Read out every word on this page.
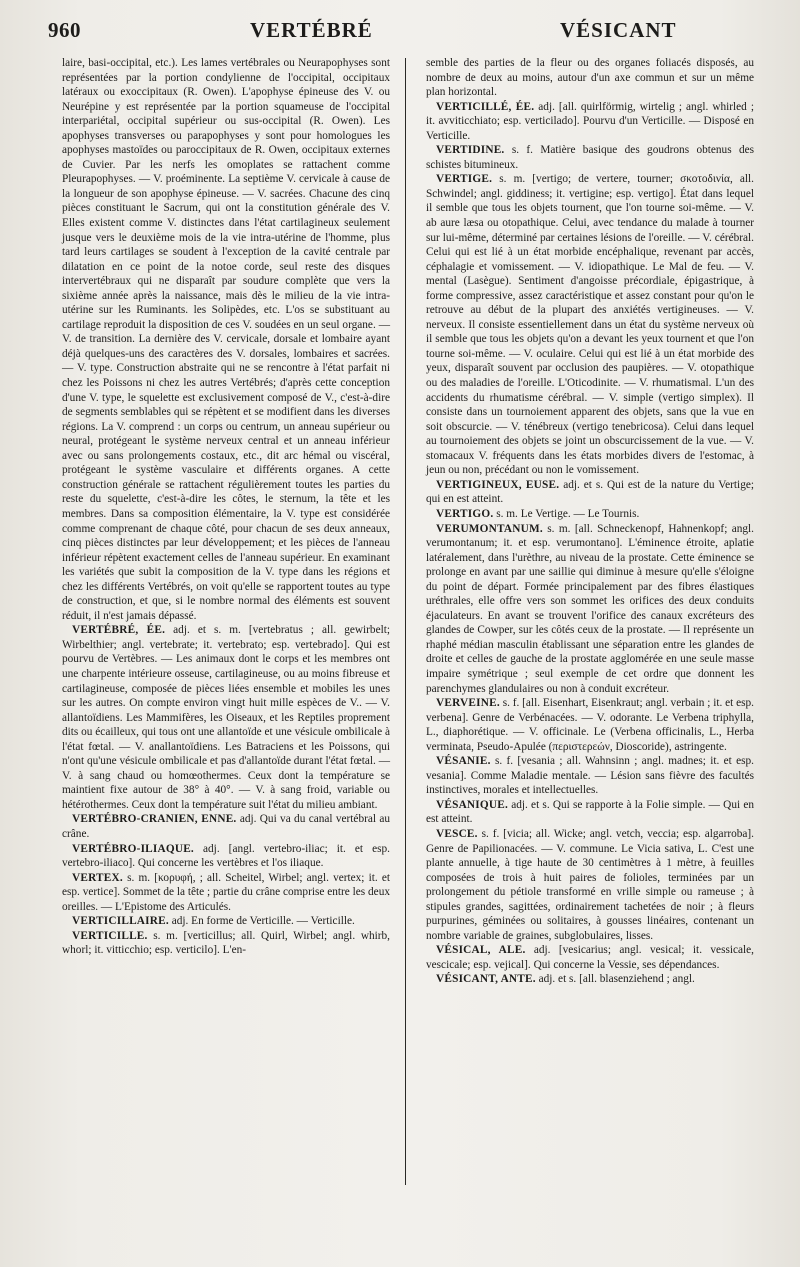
960	VERTÉBRÉ	VÉSICANT

laire, basi-occipital, etc.). Les lames vertébrales ou Neurapophyses sont représentées par la portion condylienne de l'occipital, occipitaux latéraux ou exoccipitaux (R. Owen). L'apophyse épineuse des V. ou Neurépine y est représentée par la portion squameuse de l'occipital interpariétal, occipital supérieur ou sus-occipital (R. Owen). Les apophyses transverses ou parapophyses y sont pour homologues les apophyses mastoïdes ou paroccipitaux de R. Owen, occipitaux externes de Cuvier. Par les nerfs les omoplates se rattachent comme Pleurapophyses. — V. proéminente. La septième V. cervicale à cause de la longueur de son apophyse épineuse. — V. sacrées. Chacune des cinq pièces constituant le Sacrum, qui ont la constitution générale des V. Elles existent comme V. distinctes dans l'état cartilagineux seulement jusque vers le deuxième mois de la vie intra-utérine de l'homme, plus tard leurs cartilages se soudent à l'exception de la cavité centrale par dilatation en ce point de la notoe corde, seul reste des disques intervertébraux qui ne disparaît par soudure complète que vers la sixième année après la naissance, mais dès le milieu de la vie intra-utérine sur les Ruminants. les Solipèdes, etc. L'os se substituant au cartilage reproduit la disposition de ces V. soudées en un seul organe. — V. de transition. La dernière des V. cervicale, dorsale et lombaire ayant déjà quelques-uns des caractères des V. dorsales, lombaires et sacrées. — V. type. Construction abstraite qui ne se rencontre à l'état parfait ni chez les Poissons ni chez les autres Vertébrés; d'après cette conception d'une V. type, le squelette est exclusivement composé de V., c'est-à-dire de segments semblables qui se répètent et se modifient dans les diverses régions. La V. comprend : un corps ou centrum, un anneau supérieur ou neural, protégeant le système nerveux central et un anneau inférieur avec ou sans prolongements costaux, etc., dit arc hémal ou viscéral, protégeant le système vasculaire et différents organes. A cette construction générale se rattachent régulièrement toutes les parties du reste du squelette, c'est-à-dire les côtes, le sternum, la tête et les membres. Dans sa composition élémentaire, la V. type est considérée comme comprenant de chaque côté, pour chacun de ses deux anneaux, cinq pièces distinctes par leur développement; et les pièces de l'anneau inférieur répètent exactement celles de l'anneau supérieur. En examinant les variétés que subit la composition de la V. type dans les régions et chez les différents Vertébrés, on voit qu'elle se rapportent toutes au type de construction, et que, si le nombre normal des éléments est souvent réduit, il n'est jamais dépassé.

VERTÉBRÉ, ÉE. adj. et s. m. [vertebratus ; all. gewirbelt; Wirbelthier; angl. vertebrate; it. vertebrato; esp. vertebrado]. Qui est pourvu de Vertèbres. — Les animaux dont le corps et les membres ont une charpente intérieure osseuse, cartilagineuse, ou au moins fibreuse et cartilagineuse, composée de pièces liées ensemble et mobiles les unes sur les autres. On compte environ vingt huit mille espèces de V.. — V. allantoïdiens. Les Mammifères, les Oiseaux, et les Reptiles proprement dits ou écailleux, qui tous ont une allantoïde et une vésicule ombilicale à l'état fœtal. — V. anallantoïdiens. Les Batraciens et les Poissons, qui n'ont qu'une vésicule ombilicale et pas d'allantoïde durant l'état fœtal. — V. à sang chaud ou homœothermes. Ceux dont la température se maintient fixe autour de 38° à 40°. — V. à sang froid, variable ou hétérothermes. Ceux dont la température suit l'état du milieu ambiant.

VERTÉBRO-CRANIEN, ENNE. adj. Qui va du canal vertébral au crâne.

VERTÉBRO-ILIAQUE. adj. [angl. vertebro-iliac; it. et esp. vertebro-iliaco]. Qui concerne les vertèbres et l'os iliaque.

VERTEX. s. m. [κορυφή, ; all. Scheitel, Wirbel; angl. vertex; it. et esp. vertice]. Sommet de la tête ; partie du crâne comprise entre les deux oreilles. — L'Epistome des Articulés.

VERTICILLAIRE. adj. En forme de Verticille. — Verticille.

VERTICILLE. s. m. [verticillus; all. Quirl, Wirbel; angl. whirb, whorl; it. vitticchio; esp. verticilo]. L'en-

semble des parties de la fleur ou des organes foliacés disposés, au nombre de deux au moins, autour d'un axe commun et sur un même plan horizontal.

VERTICILLÉ, ÉE. adj. [all. quirlförmig, wirtelig ; angl. whirled ; it. avviticchiato; esp. verticilado]. Pourvu d'un Verticille. — Disposé en Verticille.

VERTIDINE. s. f. Matière basique des goudrons obtenus des schistes bitumineux.

VERTIGE. s. m. [vertigo; de vertere, tourner; σκοτοδινία, all. Schwindel; angl. giddiness; it. vertigine; esp. vertigo]. État dans lequel il semble que tous les objets tournent, que l'on tourne soi-même. — V. ab aure læsa ou otopathique. Celui, avec tendance du malade à tourner sur lui-même, déterminé par certaines lésions de l'oreille. — V. cérébral. Celui qui est lié à un état morbide encéphalique, revenant par accès, céphalagie et vomissement. — V. idiopathique. Le Mal de feu. — V. mental (Lasègue). Sentiment d'angoisse précordiale, épigastrique, à forme compressive, assez caractéristique et assez constant pour qu'on le retrouve au début de la plupart des anxiétés vertigineuses. — V. nerveux. Il consiste essentiellement dans un état du système nerveux où il semble que tous les objets qu'on a devant les yeux tournent et que l'on tourne soi-même. — V. oculaire. Celui qui est lié à un état morbide des yeux, disparaît souvent par occlusion des paupières. — V. otopathique ou des maladies de l'oreille. L'Oticodinite. — V. rhumatismal. L'un des accidents du rhumatisme cérébral. — V. simple (vertigo simplex). Il consiste dans un tournoiement apparent des objets, sans que la vue en soit obscurcie. — V. ténébreux (vertigo tenebricosa). Celui dans lequel au tournoiement des objets se joint un obscurcissement de la vue. — V. stomacaux V. fréquents dans les états morbides divers de l'estomac, à jeun ou non, précédant ou non le vomissement.

VERTIGINEUX, EUSE. adj. et s. Qui est de la nature du Vertige; qui en est atteint.

VERTIGO. s. m. Le Vertige. — Le Tournis.

VERUMONTANUM. s. m. [all. Schneckenopf, Hahnenkopf; angl. verumontanum; it. et esp. verumontano]. L'éminence étroite, aplatie latéralement, dans l'urèthre, au niveau de la prostate. Cette éminence se prolonge en avant par une saillie qui diminue à mesure qu'elle s'éloigne du point de départ. Formée principalement par des fibres élastiques uréthrales, elle offre vers son sommet les orifices des deux conduits éjaculateurs. En avant se trouvent l'orifice des canaux excréteurs des glandes de Cowper, sur les côtés ceux de la prostate. — Il représente un rhaphé médian masculin établissant une séparation entre les glandes de droite et celles de gauche de la prostate agglomérée en une seule masse impaire symétrique ; seul exemple de cet ordre que donnent les parenchymes glandulaires ou non à conduit excréteur.

VERVEINE. s. f. [all. Eisenhart, Eisenkraut; angl. verbain ; it. et esp. verbena]. Genre de Verbénacées. — V. odorante. Le Verbena triphylla, L., diaphorétique. — V. officinale. Le (Verbena officinalis, L., Herba verminata, Pseudo-Apulée (περιστερεών, Dioscoride), astringente.

VÉSANIE. s. f. [vesania ; all. Wahnsinn ; angl. madnes; it. et esp. vesania]. Comme Maladie mentale. — Lésion sans fièvre des facultés instinctives, morales et intellectuelles.

VÉSANIQUE. adj. et s. Qui se rapporte à la Folie simple. — Qui en est atteint.

VESCE. s. f. [vicia; all. Wicke; angl. vetch, veccia; esp. algarroba]. Genre de Papilionacées. — V. commune. Le Vicia sativa, L. C'est une plante annuelle, à tige haute de 30 centimètres à 1 mètre, à feuilles composées de trois à huit paires de folioles, terminées par un prolongement du pétiole transformé en vrille simple ou rameuse ; à stipules grandes, sagittées, ordinairement tachetées de noir ; à fleurs purpurines, géminées ou solitaires, à gousses linéaires, contenant un nombre variable de graines, subglobulaires, lisses.

VÉSICAL, ALE. adj. [vesicarius; angl. vesical; it. vessicale, vescicale; esp. vejical]. Qui concerne la Vessie, ses dépendances.

VÉSICANT, ANTE. adj. et s. [all. blasenziehend ; angl.
